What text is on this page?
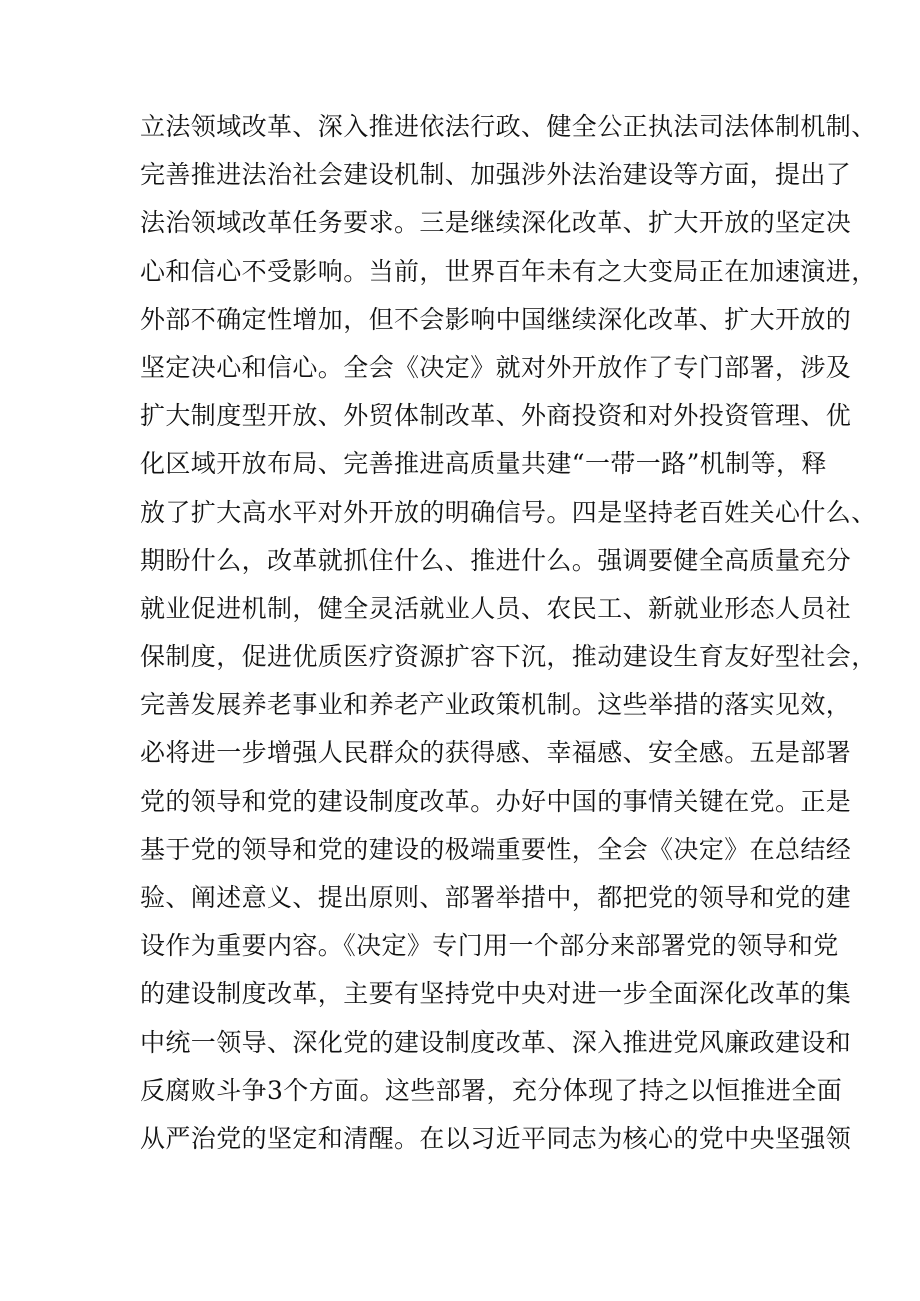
立法领域改革、深入推进依法行政、健全公正执法司法体制机制、
完善推进法治社会建设机制、加强涉外法治建设等方面，提出了
法治领域改革任务要求。三是继续深化改革、扩大开放的坚定决
心和信心不受影响。当前，世界百年未有之大变局正在加速演进，
外部不确定性增加，但不会影响中国继续深化改革、扩大开放的
坚定决心和信心。全会《决定》就对外开放作了专门部署，涉及
扩大制度型开放、外贸体制改革、外商投资和对外投资管理、优
化区域开放布局、完善推进高质量共建“一带一路”机制等，释
放了扩大高水平对外开放的明确信号。四是坚持老百姓关心什么、
期盼什么，改革就抓住什么、推进什么。强调要健全高质量充分
就业促进机制，健全灵活就业人员、农民工、新就业形态人员社
保制度，促进优质医疗资源扩容下沉，推动建设生育友好型社会，
完善发展养老事业和养老产业政策机制。这些举措的落实见效，
必将进一步增强人民群众的获得感、幸福感、安全感。五是部署
党的领导和党的建设制度改革。办好中国的事情关键在党。正是
基于党的领导和党的建设的极端重要性，全会《决定》在总结经
验、阐述意义、提出原则、部署举措中，都把党的领导和党的建
设作为重要内容。《决定》专门用一个部分来部署党的领导和党
的建设制度改革，主要有坚持党中央对进一步全面深化改革的集
中统一领导、深化党的建设制度改革、深入推进党风廉政建设和
反腐败斗争3个方面。这些部署，充分体现了持之以恒推进全面
从严治党的坚定和清醒。在以习近平同志为核心的党中央坚强领
